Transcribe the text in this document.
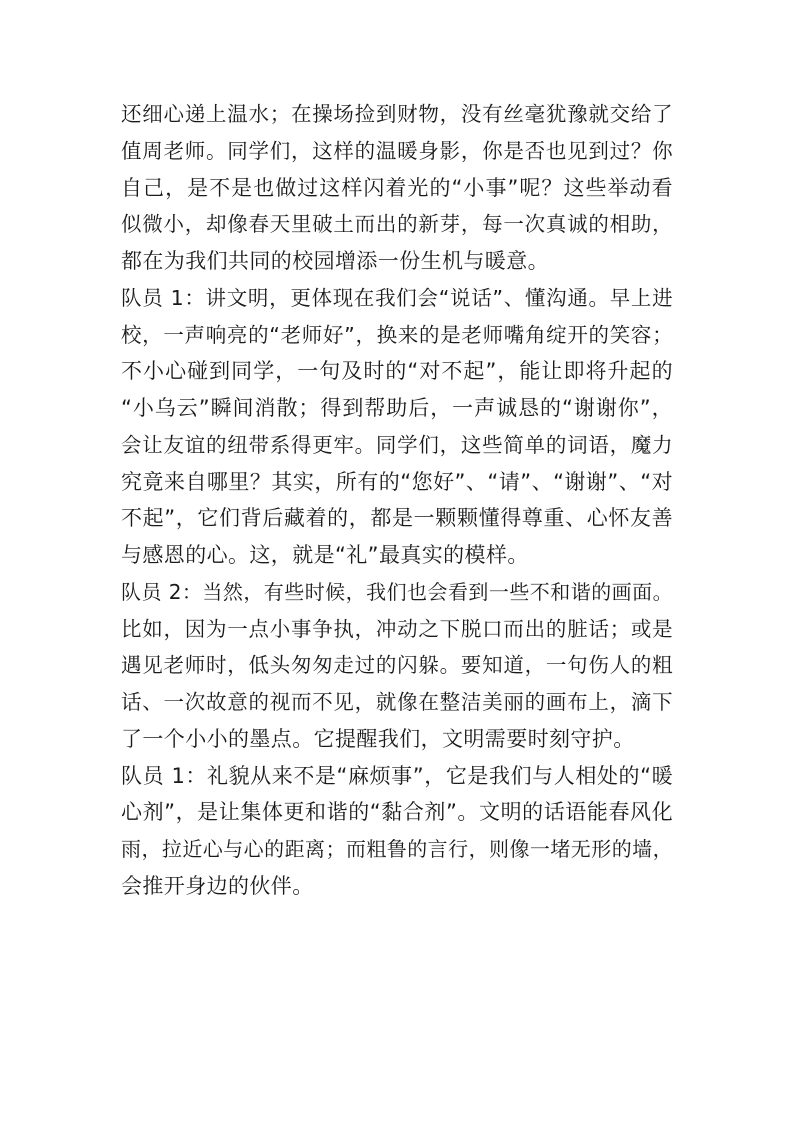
还细心递上温水；在操场捡到财物，没有丝毫犹豫就交给了
值周老师。同学们，这样的温暖身影，你是否也见到过？你
自己，是不是也做过这样闪着光的“小事”呢？这些举动看
似微小，却像春天里破土而出的新芽，每一次真诚的相助，
都在为我们共同的校园增添一份生机与暖意。
队员 1：讲文明，更体现在我们会“说话”、懂沟通。早上进
校，一声响亮的“老师好”，换来的是老师嘴角绽开的笑容；
不小心碰到同学，一句及时的“对不起”，能让即将升起的
“小乌云”瞬间消散；得到帮助后，一声诚恳的“谢谢你”，
会让友谊的纽带系得更牢。同学们，这些简单的词语，魔力
究竟来自哪里？其实，所有的“您好”、“请”、“谢谢”、“对
不起”，它们背后藏着的，都是一颗颗懂得尊重、心怀友善
与感恩的心。这，就是“礼”最真实的模样。
队员 2：当然，有些时候，我们也会看到一些不和谐的画面。
比如，因为一点小事争执，冲动之下脱口而出的脏话；或是
遇见老师时，低头匆匆走过的闪躲。要知道，一句伤人的粗
话、一次故意的视而不见，就像在整洁美丽的画布上，滴下
了一个小小的墨点。它提醒我们，文明需要时刻守护。
队员 1：礼貌从来不是“麻烦事”，它是我们与人相处的“暖
心剂”，是让集体更和谐的“黏合剂”。文明的话语能春风化
雨，拉近心与心的距离；而粗鲁的言行，则像一堵无形的墙，
会推开身边的伙伴。
